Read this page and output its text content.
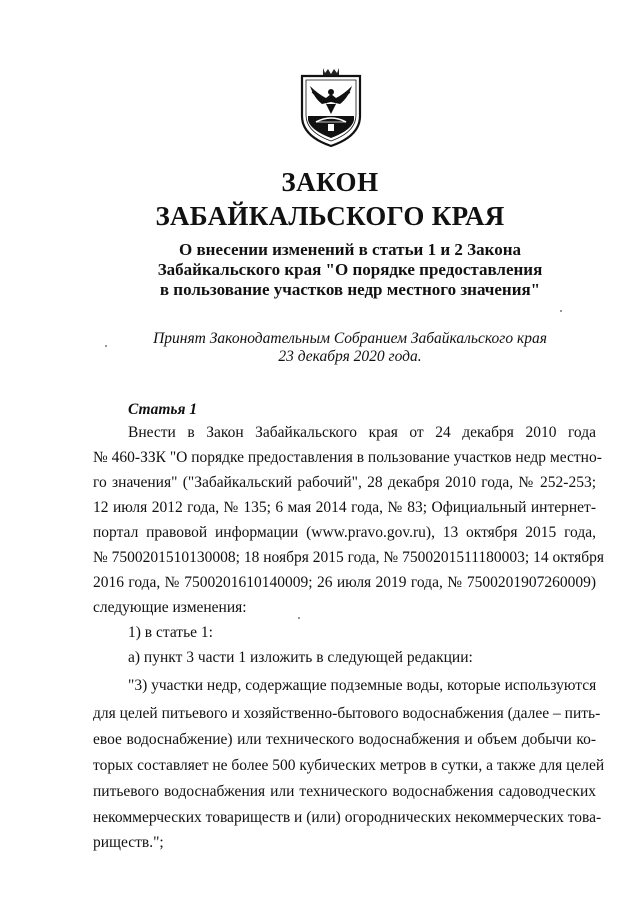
ЗАКОН
ЗАБАЙКАЛЬСКОГО КРАЯ
О внесении изменений в статьи 1 и 2 Закона
Забайкальского края "О порядке предоставления
в пользование участков недр местного значения"
Принят Законодательным Собранием Забайкальского края
23 декабря 2020 года.
Статья 1
Внести в Закон Забайкальского края от 24 декабря 2010 года
№ 460-ЗЗК "О порядке предоставления в пользование участков недр местно-
го значения" ("Забайкальский рабочий", 28 декабря 2010 года, № 252-253;
12 июля 2012 года, № 135; 6 мая 2014 года, № 83; Официальный интернет-
портал правовой информации (www.pravo.gov.ru), 13 октября 2015 года,
№ 7500201510130008; 18 ноября 2015 года, № 7500201511180003; 14 октября
2016 года, № 7500201610140009; 26 июля 2019 года, № 7500201907260009)
следующие изменения:
1) в статье 1:
а) пункт 3 части 1 изложить в следующей редакции:
"3) участки недр, содержащие подземные воды, которые используются
для целей питьевого и хозяйственно-бытового водоснабжения (далее – пить-
евое водоснабжение) или технического водоснабжения и объем добычи ко-
торых составляет не более 500 кубических метров в сутки, а также для целей
питьевого водоснабжения или технического водоснабжения садоводческих
некоммерческих товариществ и (или) огороднических некоммерческих това-
риществ.";
